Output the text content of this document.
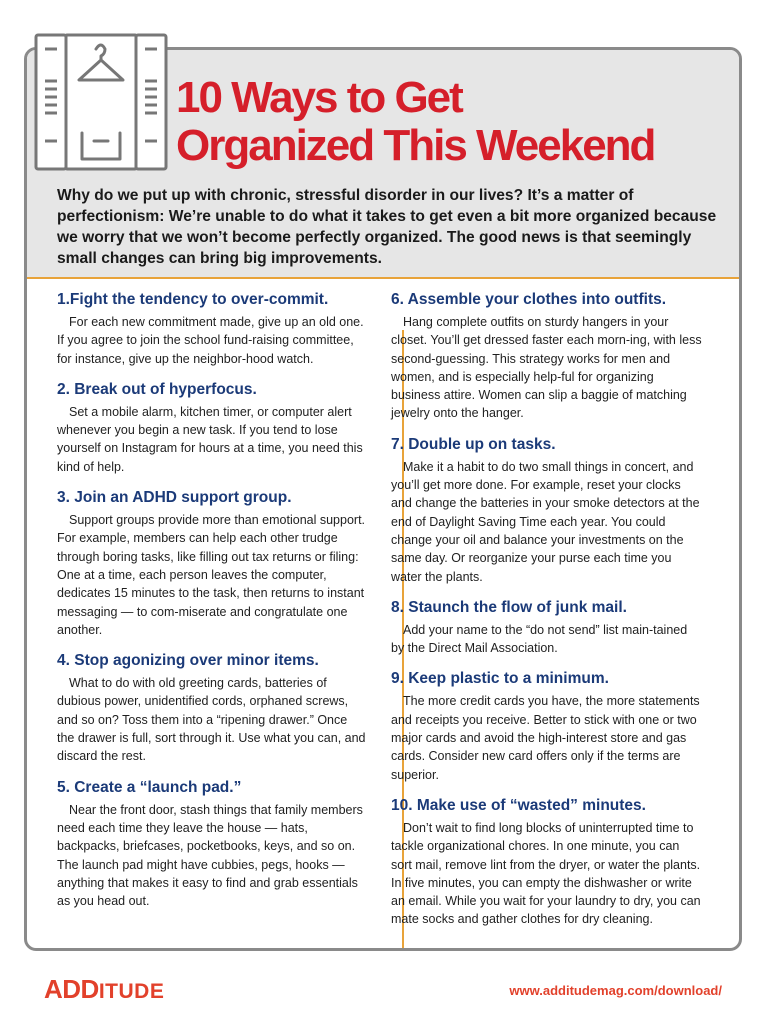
10 Ways to Get
Organized This Weekend

Why do we put up with chronic, stressful disorder in our lives? It’s a matter of perfectionism: We’re unable to do what it takes to get even a bit more organized because we worry that we won’t become perfectly organized. The good news is that seemingly small changes can bring big improvements.

1.Fight the tendency to over-commit.

For each new commitment made, give up an old one. If you agree to join the school fund-raising committee, for instance, give up the neighbor-hood watch.

2. Break out of hyperfocus.

Set a mobile alarm, kitchen timer, or computer alert whenever you begin a new task. If you tend to lose yourself on Instagram for hours at a time, you need this kind of help.

3. Join an ADHD support group.

Support groups provide more than emotional support. For example, members can help each other trudge through boring tasks, like filling out tax returns or filing: One at a time, each person leaves the computer, dedicates 15 minutes to the task, then returns to instant messaging — to com-miserate and congratulate one another.

4. Stop agonizing over minor items.

What to do with old greeting cards, batteries of dubious power, unidentified cords, orphaned screws, and so on? Toss them into a “ripening drawer.” Once the drawer is full, sort through it. Use what you can, and discard the rest.

5. Create a “launch pad.”

Near the front door, stash things that family members need each time they leave the house — hats, backpacks, briefcases, pocketbooks, keys, and so on. The launch pad might have cubbies, pegs, hooks — anything that makes it easy to find and grab essentials as you head out.

6. Assemble your clothes into outfits.

Hang complete outfits on sturdy hangers in your closet. You’ll get dressed faster each morn-ing, with less second-guessing. This strategy works for men and women, and is especially help-ful for organizing business attire. Women can slip a baggie of matching jewelry onto the hanger.

7. Double up on tasks.

Make it a habit to do two small things in concert, and you’ll get more done. For example, reset your clocks and change the batteries in your smoke detectors at the end of Daylight Saving Time each year. You could change your oil and balance your investments on the same day. Or reorganize your purse each time you water the plants.

8. Staunch the flow of junk mail.

Add your name to the “do not send” list main-tained by the Direct Mail Association.

9. Keep plastic to a minimum.

The more credit cards you have, the more statements and receipts you receive. Better to stick with one or two major cards and avoid the high-interest store and gas cards. Consider new card offers only if the terms are superior.

10. Make use of “wasted” minutes.

Don’t wait to find long blocks of uninterrupted time to tackle organizational chores. In one minute, you can sort mail, remove lint from the dryer, or water the plants. In five minutes, you can empty the dishwasher or write an email. While you wait for your laundry to dry, you can mate socks and gather clothes for dry cleaning.

ADDITUDE	www.additudemag.com/download/
